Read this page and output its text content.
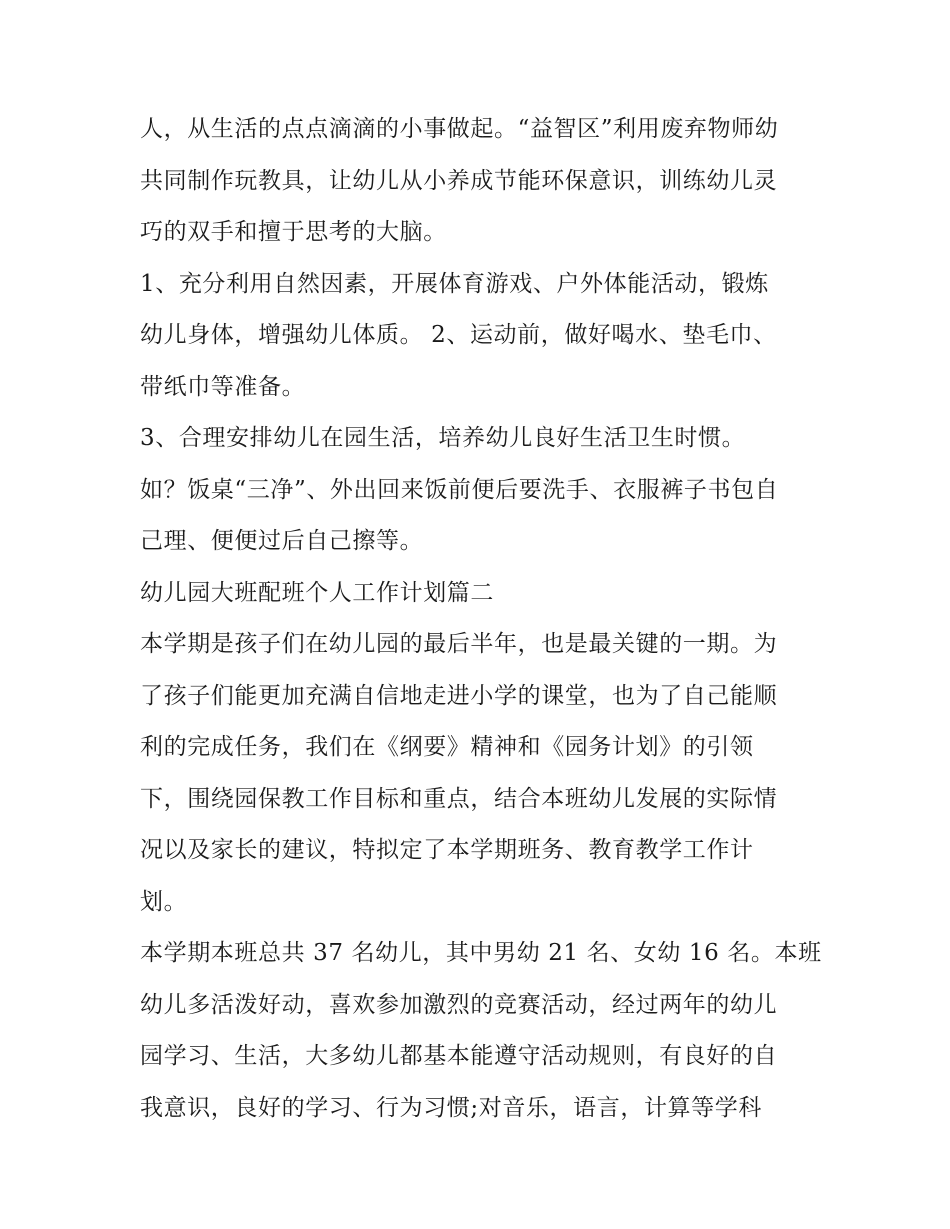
人，从生活的点点滴滴的小事做起。“益智区”利用废弃物师幼
共同制作玩教具，让幼儿从小养成节能环保意识，训练幼儿灵
巧的双手和擅于思考的大脑。
1、充分利用自然因素，开展体育游戏、户外体能活动，锻炼
幼儿身体，增强幼儿体质。 2、运动前，做好喝水、垫毛巾、
带纸巾等准备。
3、合理安排幼儿在园生活，培养幼儿良好生活卫生时惯。
如？饭桌“三净”、外出回来饭前便后要洗手、衣服裤子书包自
己理、便便过后自己擦等。
幼儿园大班配班个人工作计划篇二
本学期是孩子们在幼儿园的最后半年，也是最关键的一期。为
了孩子们能更加充满自信地走进小学的课堂，也为了自己能顺
利的完成任务，我们在《纲要》精神和《园务计划》的引领
下，围绕园保教工作目标和重点，结合本班幼儿发展的实际情
况以及家长的建议，特拟定了本学期班务、教育教学工作计
划。
本学期本班总共 37 名幼儿，其中男幼 21 名、女幼 16 名。本班
幼儿多活泼好动，喜欢参加激烈的竞赛活动，经过两年的幼儿
园学习、生活，大多幼儿都基本能遵守活动规则，有良好的自
我意识，良好的学习、行为习惯;对音乐，语言，计算等学科
